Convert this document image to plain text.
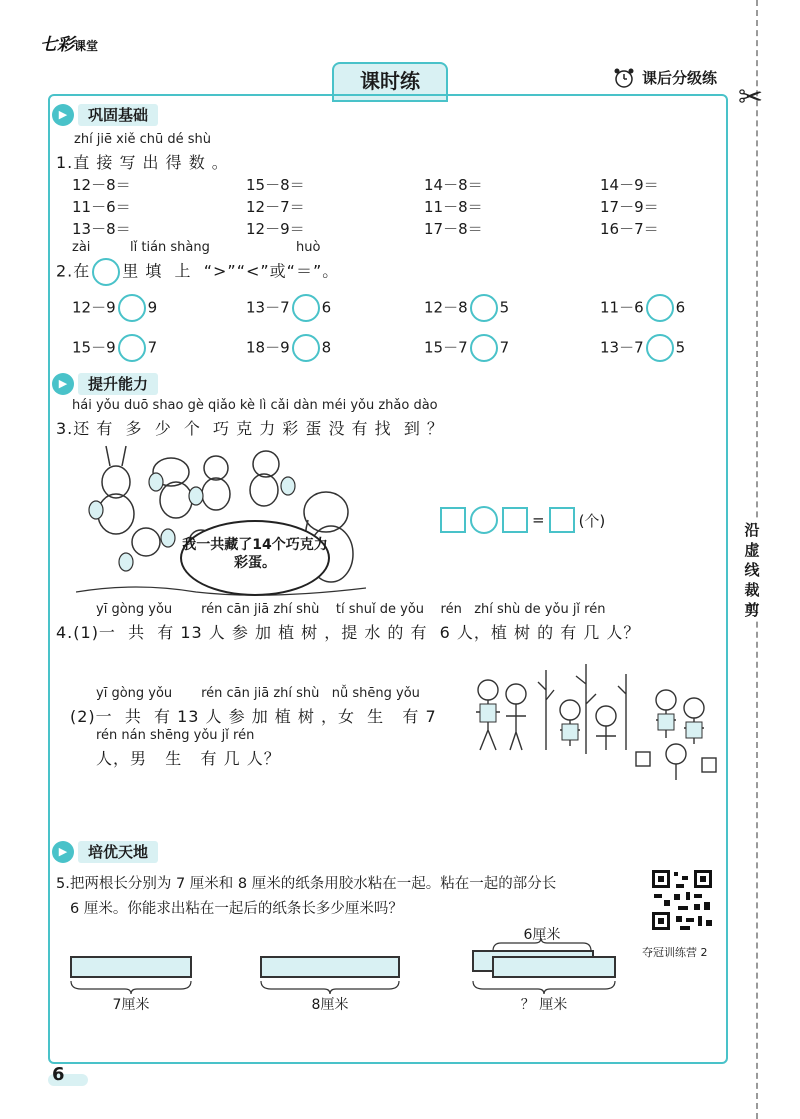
七彩课堂
课时练	课后分级练
✂
沿虚线裁剪
▶	巩固基础
zhí jiē xiě chū dé shù
1.直 接 写 出 得 数 。
12－8＝	15－8＝	14－8＝	14－9＝
11－6＝	12－7＝	11－8＝	17－9＝
13－8＝	12－9＝	17－8＝	16－7＝
zài	lǐ tián shàng	huò
2.在 里 填  上  “>”“<”或“＝”。
12－9 9	13－7 6	12－8 5	11－6 6
15－9 7	18－9 8	15－7 7	13－7 5
▶	提升能力
hái yǒu duō shao gè qiǎo kè lì cǎi dàn méi yǒu zhǎo dào
3.还 有  多  少  个  巧 克 力 彩 蛋 没 有 找  到 ？
我一共藏了14个巧克力彩蛋。
= (个)
yī gòng yǒu       rén cān jiā zhí shù    tí shuǐ de yǒu    rén   zhí shù de yǒu jǐ rén
4.(1)一  共  有 13 人 参 加 植 树 ，提 水 的 有  6 人，植 树 的 有 几 人？
yī gòng yǒu       rén cān jiā zhí shù   nǚ shēng yǒu
(2)一  共  有 13 人 参 加 植 树 ，女  生   有 7
rén nán shēng yǒu jǐ rén
人，男   生   有 几 人？
▶	培优天地
5.把两根长分别为 7 厘米和 8 厘米的纸条用胶水粘在一起。粘在一起的部分长
6 厘米。你能求出粘在一起后的纸条长多少厘米吗？
夺冠训练营 2
7厘米	8厘米
6厘米
？ 厘米
6
